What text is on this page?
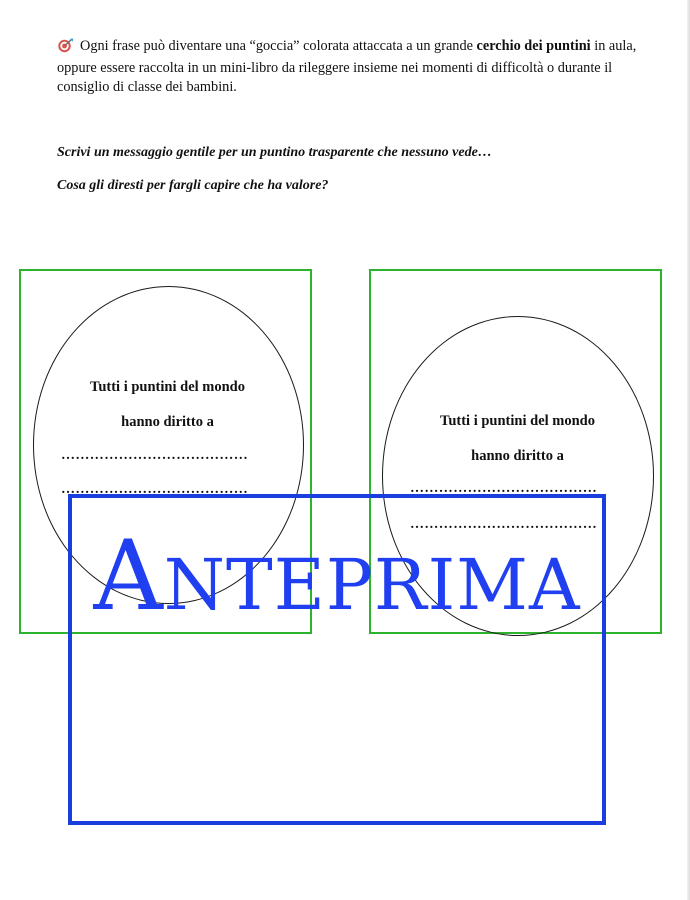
Ogni frase può diventare una “goccia” colorata attaccata a un grande cerchio dei puntini in aula, oppure essere raccolta in un mini-libro da rileggere insieme nei momenti di difficoltà o durante il consiglio di classe dei bambini.

Scrivi un messaggio gentile per un puntino trasparente che nessuno vede…

Cosa gli diresti per fargli capire che ha valore?

Tutti i puntini del mondo
hanno diritto a
…………………………………
…………………………………
Tutti i puntini del mondo
hanno diritto a
…………………………………
…………………………………
ANTEPRIMA
